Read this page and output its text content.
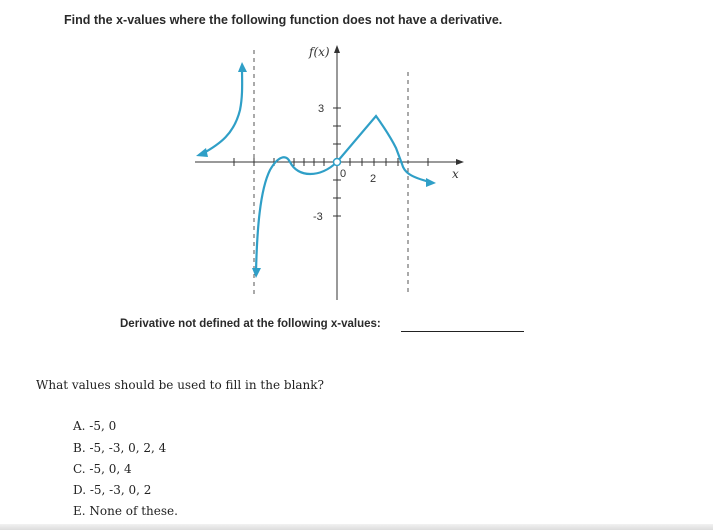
Find the x-values where the following function does not have a derivative.
f(x)
x
3
-3
0 2
Derivative not defined at the following x-values:
What values should be used to fill in the blank?
A. -5, 0
B. -5, -3, 0, 2, 4
C. -5, 0, 4
D. -5, -3, 0, 2
E. None of these.
